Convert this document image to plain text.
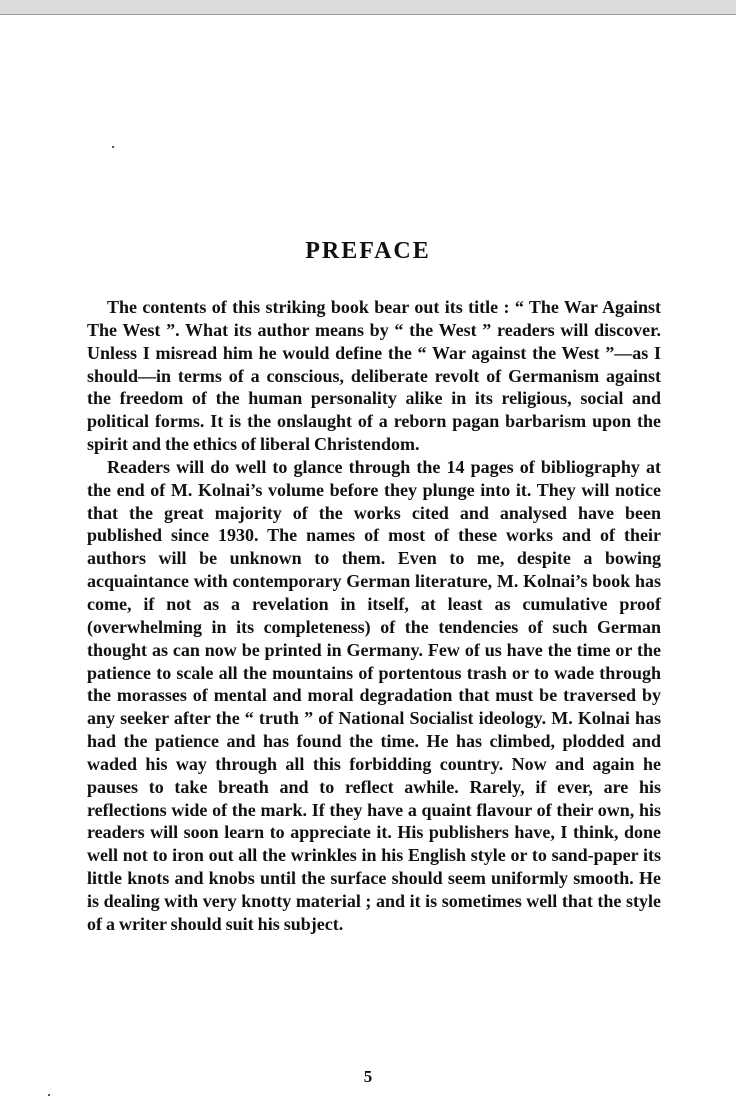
PREFACE

The contents of this striking book bear out its title : “ The War Against The West ”. What its author means by “ the West ” readers will discover. Unless I misread him he would define the “ War against the West ”—as I should—in terms of a conscious, deliberate revolt of Germanism against the freedom of the human personality alike in its religious, social and political forms. It is the onslaught of a reborn pagan barbarism upon the spirit and the ethics of liberal Christendom.

Readers will do well to glance through the 14 pages of bibliography at the end of M. Kolnai’s volume before they plunge into it. They will notice that the great majority of the works cited and analysed have been published since 1930. The names of most of these works and of their authors will be unknown to them. Even to me, despite a bowing acquaintance with contemporary German literature, M. Kolnai’s book has come, if not as a revelation in itself, at least as cumulative proof (overwhelming in its completeness) of the tendencies of such German thought as can now be printed in Germany. Few of us have the time or the patience to scale all the mountains of portentous trash or to wade through the morasses of mental and moral degradation that must be traversed by any seeker after the “ truth ” of National Socialist ideology. M. Kolnai has had the patience and has found the time. He has climbed, plodded and waded his way through all this forbidding country. Now and again he pauses to take breath and to reflect awhile. Rarely, if ever, are his reflections wide of the mark. If they have a quaint flavour of their own, his readers will soon learn to appreciate it. His publishers have, I think, done well not to iron out all the wrinkles in his English style or to sand-paper its little knots and knobs until the surface should seem uniformly smooth. He is dealing with very knotty material ; and it is sometimes well that the style of a writer should suit his subject.

5
